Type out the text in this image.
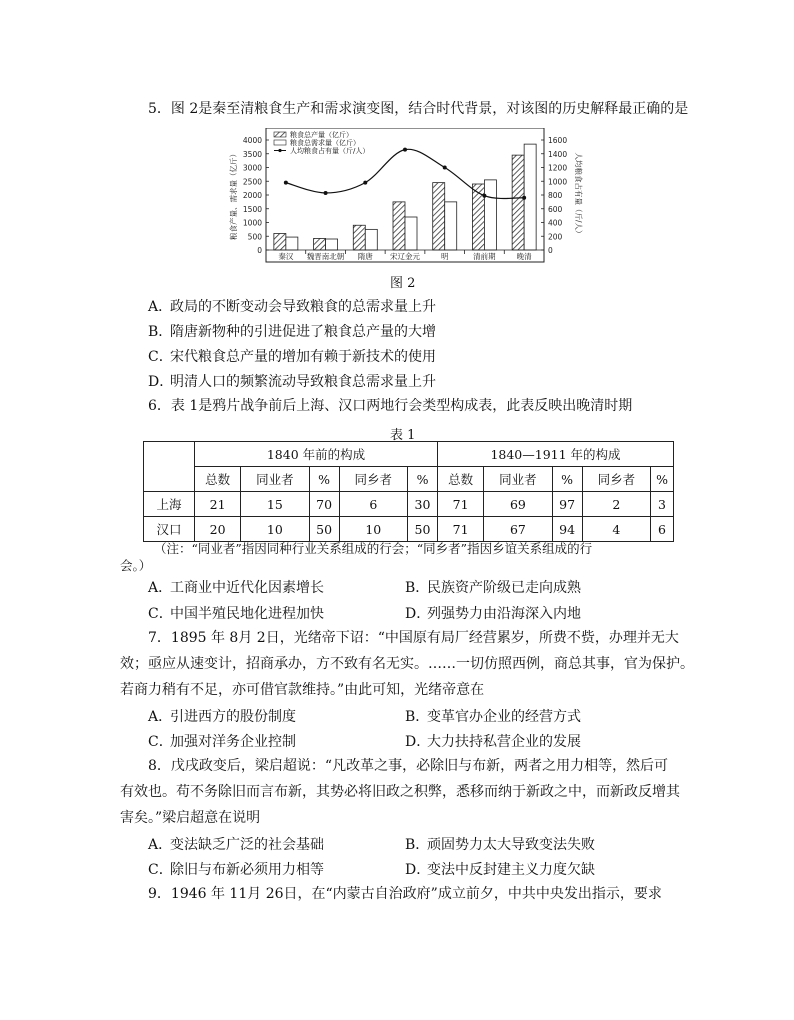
5．图 2是秦至清粮食生产和需求演变图，结合时代背景，对该图的历史解释最正确的是
粮食总产量（亿斤）
粮食总需求量（亿斤）
人均粮食占有量（斤/人）
0
500
1000
1500
2000
2500
3000
3500
4000
0
200
400
600
800
1000
1200
1400
1600
粮食产量、需求量（亿斤）	人均粮食占有量（斤/人）
秦汉 魏晋南北朝 隋唐 宋辽金元	明	清前期	晚清
图 2
A．政局的不断变动会导致粮食的总需求量上升
B．隋唐新物种的引进促进了粮食总产量的大增
C．宋代粮食总产量的增加有赖于新技术的使用
D．明清人口的频繁流动导致粮食总需求量上升
6．表 1是鸦片战争前后上海、汉口两地行会类型构成表，此表反映出晚清时期
表 1
	1840 年前的构成					1840—1911 年的构成				
	总数	同业者	%	同乡者	%	总数	同业者	%	同乡者	%
上海	21	15	70	6	30	71	69	97	2	3
汉口	20	10	50	10	50	71	67	94	4	6
（注：“同业者”指因同种行业关系组成的行会；“同乡者”指因乡谊关系组成的行
会。）
A．工商业中近代化因素增长	B．民族资产阶级已走向成熟
C．中国半殖民地化进程加快	D．列强势力由沿海深入内地
7．1895 年 8月 2日，光绪帝下诏：“中国原有局厂经营累岁，所费不赀，办理并无大
效；亟应从速变计，招商承办，方不致有名无实。……一切仿照西例，商总其事，官为保护。
若商力稍有不足，亦可借官款维持。”由此可知，光绪帝意在
A．引进西方的股份制度	B．变革官办企业的经营方式
C．加强对洋务企业控制	D．大力扶持私营企业的发展
8．戊戌政变后，梁启超说：“凡改革之事，必除旧与布新，两者之用力相等，然后可
有效也。苟不务除旧而言布新，其势必将旧政之积弊，悉移而纳于新政之中，而新政反增其
害矣。”梁启超意在说明
A．变法缺乏广泛的社会基础	B．顽固势力太大导致变法失败
C．除旧与布新必须用力相等	D．变法中反封建主义力度欠缺
9．1946 年 11月 26日，在“内蒙古自治政府”成立前夕，中共中央发出指示，要求
